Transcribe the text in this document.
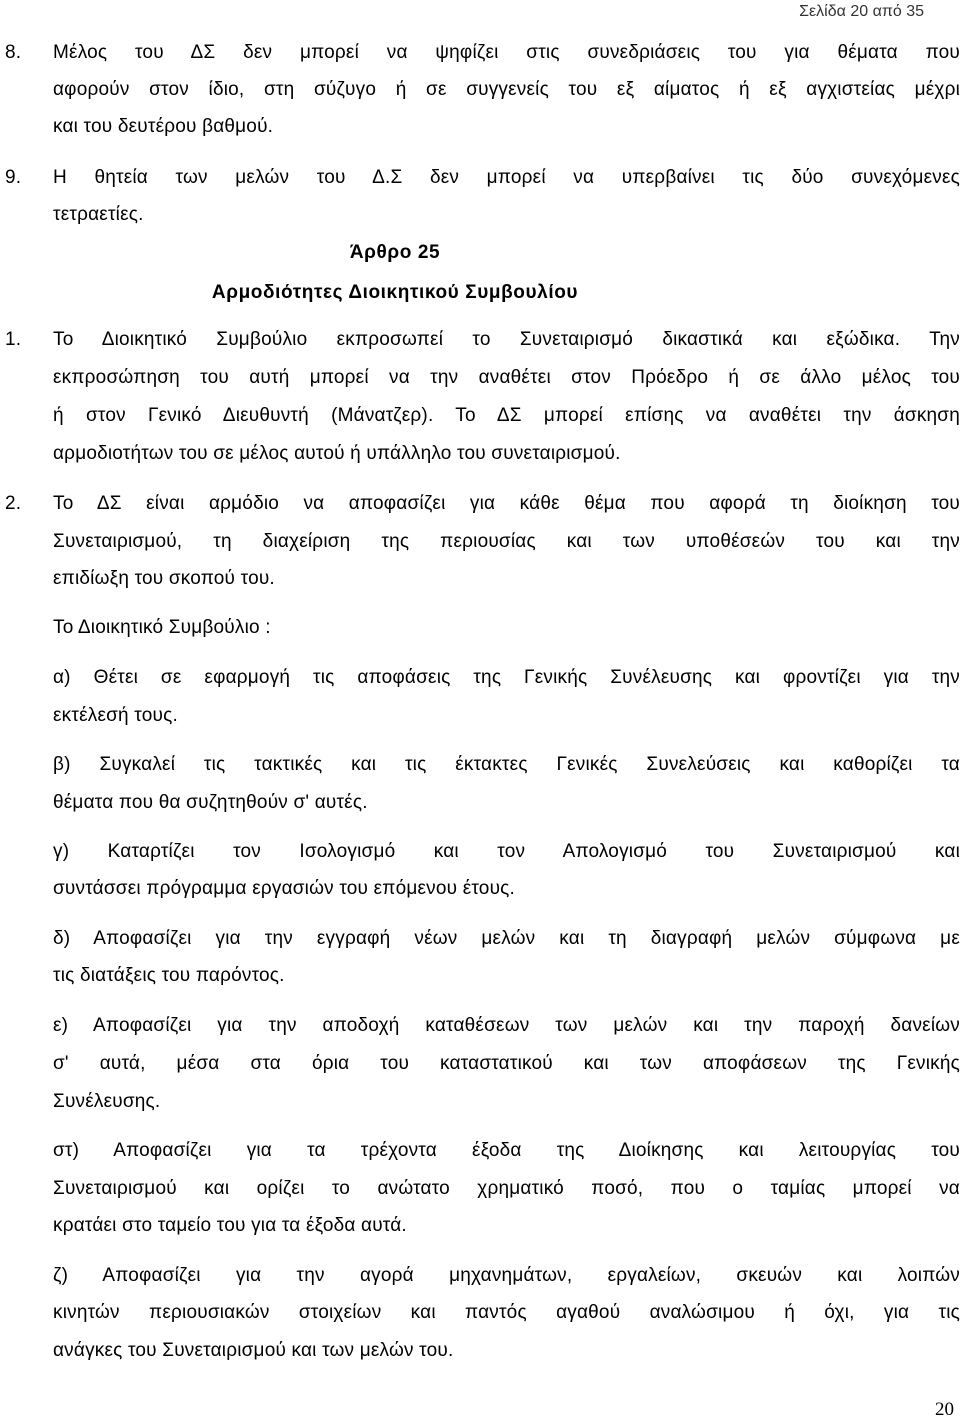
Σελίδα 20 από 35
8. Μέλος του ΔΣ δεν μπορεί να ψηφίζει στις συνεδριάσεις του για θέματα που
αφορούν στον ίδιο, στη σύζυγο ή σε συγγενείς του εξ αίματος ή εξ αγχιστείας μέχρι
και του δευτέρου βαθμού.
9. Η θητεία των μελών του Δ.Σ δεν μπορεί να υπερβαίνει τις δύο συνεχόμενες
τετραετίες.
Άρθρο 25
Αρμοδιότητες Διοικητικού Συμβουλίου
1. Το Διοικητικό Συμβούλιο εκπροσωπεί το Συνεταιρισμό δικαστικά και εξώδικα. Την
εκπροσώπηση του αυτή μπορεί να την αναθέτει στον Πρόεδρο ή σε άλλο μέλος του
ή στον Γενικό Διευθυντή (Μάνατζερ). Το ΔΣ μπορεί επίσης να αναθέτει την άσκηση
αρμοδιοτήτων του σε μέλος αυτού ή υπάλληλο του συνεταιρισμού.
2. Το ΔΣ είναι αρμόδιο να αποφασίζει για κάθε θέμα που αφορά τη διοίκηση του
Συνεταιρισμού, τη διαχείριση της περιουσίας και των υποθέσεών του και την
επιδίωξη του σκοπού του.
Το Διοικητικό Συμβούλιο :
α) Θέτει σε εφαρμογή τις αποφάσεις της Γενικής Συνέλευσης και φροντίζει για την
εκτέλεσή τους.
β) Συγκαλεί τις τακτικές και τις έκτακτες Γενικές Συνελεύσεις και καθορίζει τα
θέματα που θα συζητηθούν σ' αυτές.
γ) Καταρτίζει τον Ισολογισμό και τον Απολογισμό του Συνεταιρισμού και
συντάσσει πρόγραμμα εργασιών του επόμενου έτους.
δ) Αποφασίζει για την εγγραφή νέων μελών και τη διαγραφή μελών σύμφωνα με
τις διατάξεις του παρόντος.
ε) Αποφασίζει για την αποδοχή καταθέσεων των μελών και την παροχή δανείων
σ' αυτά, μέσα στα όρια του καταστατικού και των αποφάσεων της Γενικής
Συνέλευσης.
στ) Αποφασίζει για τα τρέχοντα έξοδα της Διοίκησης και λειτουργίας του
Συνεταιρισμού και ορίζει το ανώτατο χρηματικό ποσό, που ο ταμίας μπορεί να
κρατάει στο ταμείο του για τα έξοδα αυτά.
ζ) Αποφασίζει για την αγορά μηχανημάτων, εργαλείων, σκευών και λοιπών
κινητών περιουσιακών στοιχείων και παντός αγαθού αναλώσιμου ή όχι, για τις
ανάγκες του Συνεταιρισμού και των μελών του.
20
